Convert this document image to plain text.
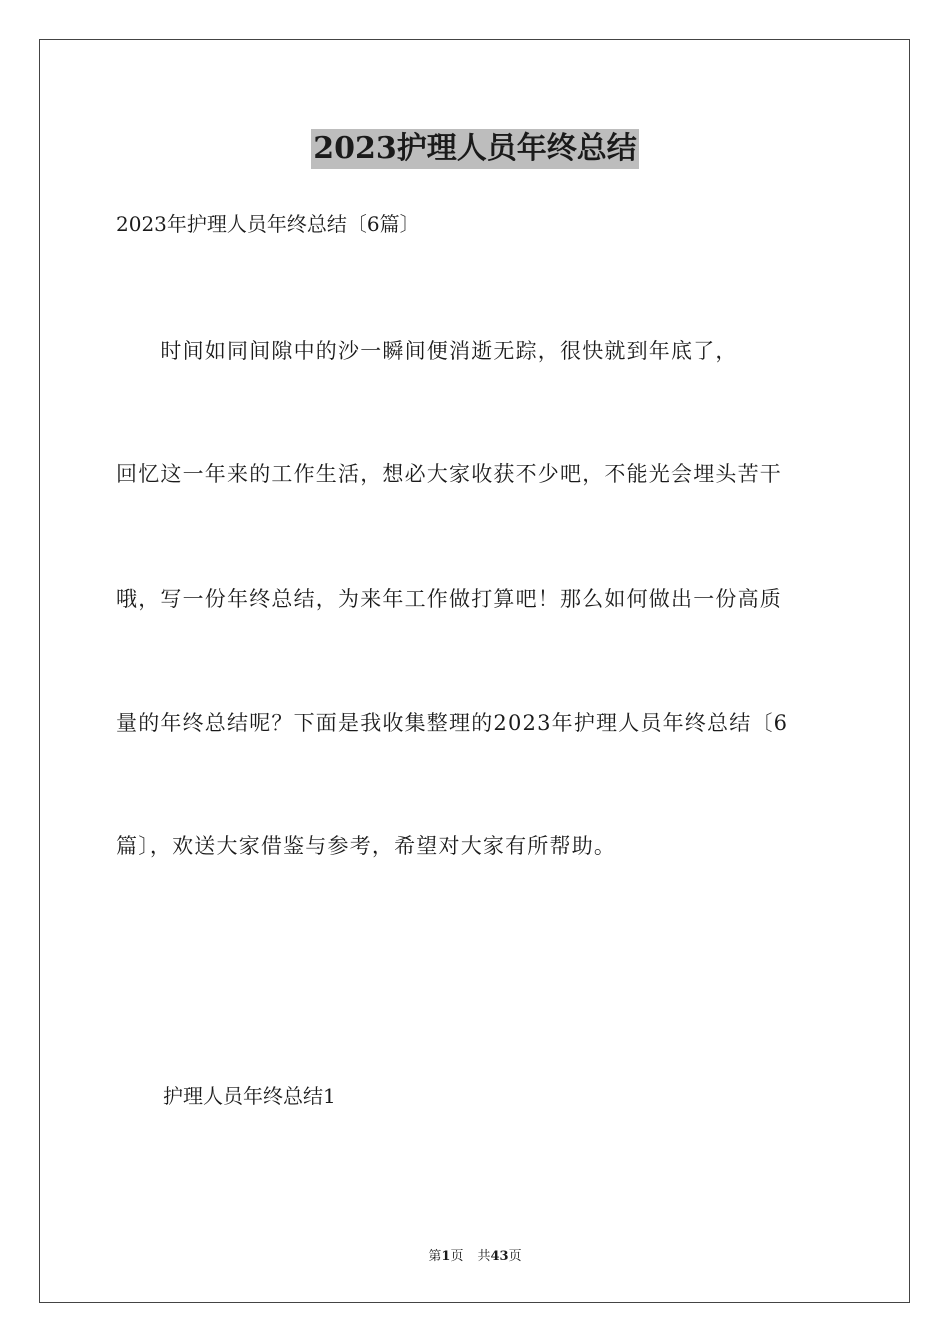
2023护理人员年终总结

2023年护理人员年终总结〔6篇〕

　　时间如同间隙中的沙一瞬间便消逝无踪，很快就到年底了，

回忆这一年来的工作生活，想必大家收获不少吧，不能光会埋头苦干

哦，写一份年终总结，为来年工作做打算吧！那么如何做出一份高质

量的年终总结呢？下面是我收集整理的2023年护理人员年终总结〔6

篇〕，欢送大家借鉴与参考，希望对大家有所帮助。

护理人员年终总结1

第1页 共43页
